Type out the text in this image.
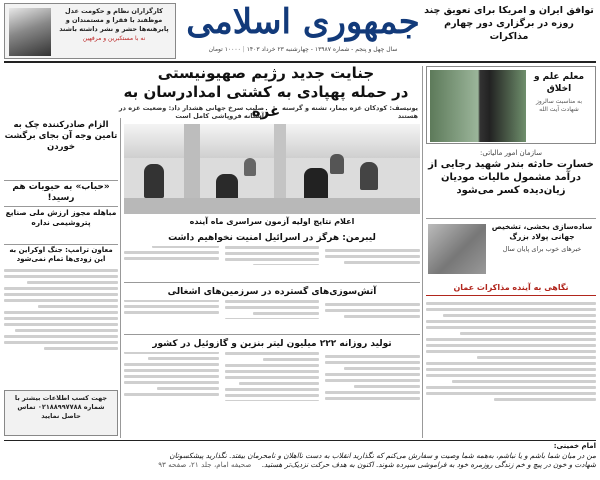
توافق ایران و امریکا برای تعویق چند روزه در برگزاری دور چهارم مذاکرات
جمهوری اسلامی
سال چهل و پنجم - شماره ۱۳۹۸۷ - چهارشنبه ۲۳ خرداد ۱۴۰۳ | ۱۰۰۰۰ تومان
کارگزاران نظام و حکومت عدل موظفند با فقرا و مستمندان و پابرهنه‌ها حشر و نشر داشته باشند
نه با مستکبرین و مرفهین
معلم علم و اخلاق
به مناسبت سالروز شهادت آیت الله
سازمان امور مالیاتی:
خسارت حادثه بندر شهید رجایی از درآمد مشمول مالیات مودیان زیان‌دیده کسر می‌شود
ساده‌سازی بخشی، تشخیص جهانی پولاد بزرگ
خبرهای خوب برای پایان سال
نگاهی به آینده مذاکرات عمان
جنایت جدید رژیم صهیونیستی
در حمله پهپادی به کشتی امدادرسان به غزه یونیسف: کودکان غزه بیمار، تشنه و گرسنه هستند
صلیب سرخ جهانی هشدار داد: وضعیت غزه در آستانه فروپاشی کامل است
اعلام نتایج اولیه آزمون سراسری ماه آینده
الزام صادرکننده چک به تامین وجه آن بجای برگشت خوردن
«حباب» به حبوبات هم رسید!
مباهله مجوز ارزش ملی صنایع پتروشیمی نداره
معاون ترامپ: جنگ اوکراین به این زودی‌ها تمام نمی‌شود
جهت کسب اطلاعات بیشتر با شماره ۰۲۱۸۸۹۹۷۷۸۸ تماس حاصل نمایید
لیبرمن: هرگز در اسرائیل امنیت نخواهیم داشت
آتش‌سوزی‌های گسترده در سرزمین‌های اشغالی
تولید روزانه ۲۲۲ میلیون لیتر بنزین و گازوئیل در کشور
امام خمینی:
من در میان شما باشم و یا نباشم، به‌همه شما وصیت و سفارش می‌کنم که نگذارید انقلاب به دست نااهلان و نامحرمان بیفتد. نگذارید پیشکسوتان
شهادت و خون در پیچ و خم زندگی روزمره خود به فراموشی سپرده شوند. اکنون به هدف حرکت نزدیک‌تر هستید. صحیفه امام، جلد ۲۱، صفحه ۹۳
